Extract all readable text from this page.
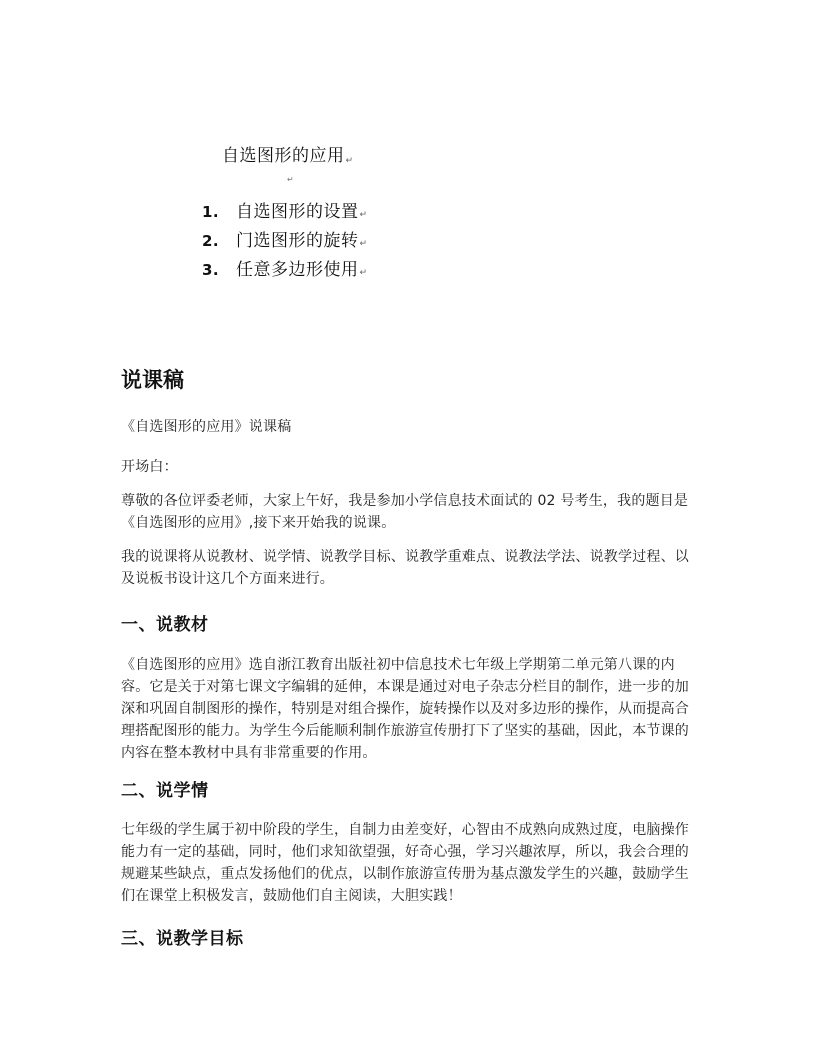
自选图形的应用↵
↵
1. 自选图形的设置 ↵
2. 门选图形的旋转 ↵
3. 任意多边形使用 ↵
说课稿

《自选图形的应用》说课稿

开场白：

尊敬的各位评委老师，大家上午好，我是参加小学信息技术面试的 02 号考生，我的题目是《自选图形的应用》,接下来开始我的说课。

我的说课将从说教材、说学情、说教学目标、说教学重难点、说教法学法、说教学过程、以及说板书设计这几个方面来进行。

一、说教材

《自选图形的应用》选自浙江教育出版社初中信息技术七年级上学期第二单元第八课的内容。它是关于对第七课文字编辑的延伸，本课是通过对电子杂志分栏目的制作，进一步的加深和巩固自制图形的操作，特别是对组合操作，旋转操作以及对多边形的操作，从而提高合理搭配图形的能力。为学生今后能顺利制作旅游宣传册打下了坚实的基础，因此，本节课的内容在整本教材中具有非常重要的作用。

二、说学情

七年级的学生属于初中阶段的学生，自制力由差变好，心智由不成熟向成熟过度，电脑操作能力有一定的基础，同时，他们求知欲望强，好奇心强，学习兴趣浓厚，所以，我会合理的规避某些缺点，重点发扬他们的优点，以制作旅游宣传册为基点激发学生的兴趣，鼓励学生们在课堂上积极发言，鼓励他们自主阅读，大胆实践！

三、说教学目标
